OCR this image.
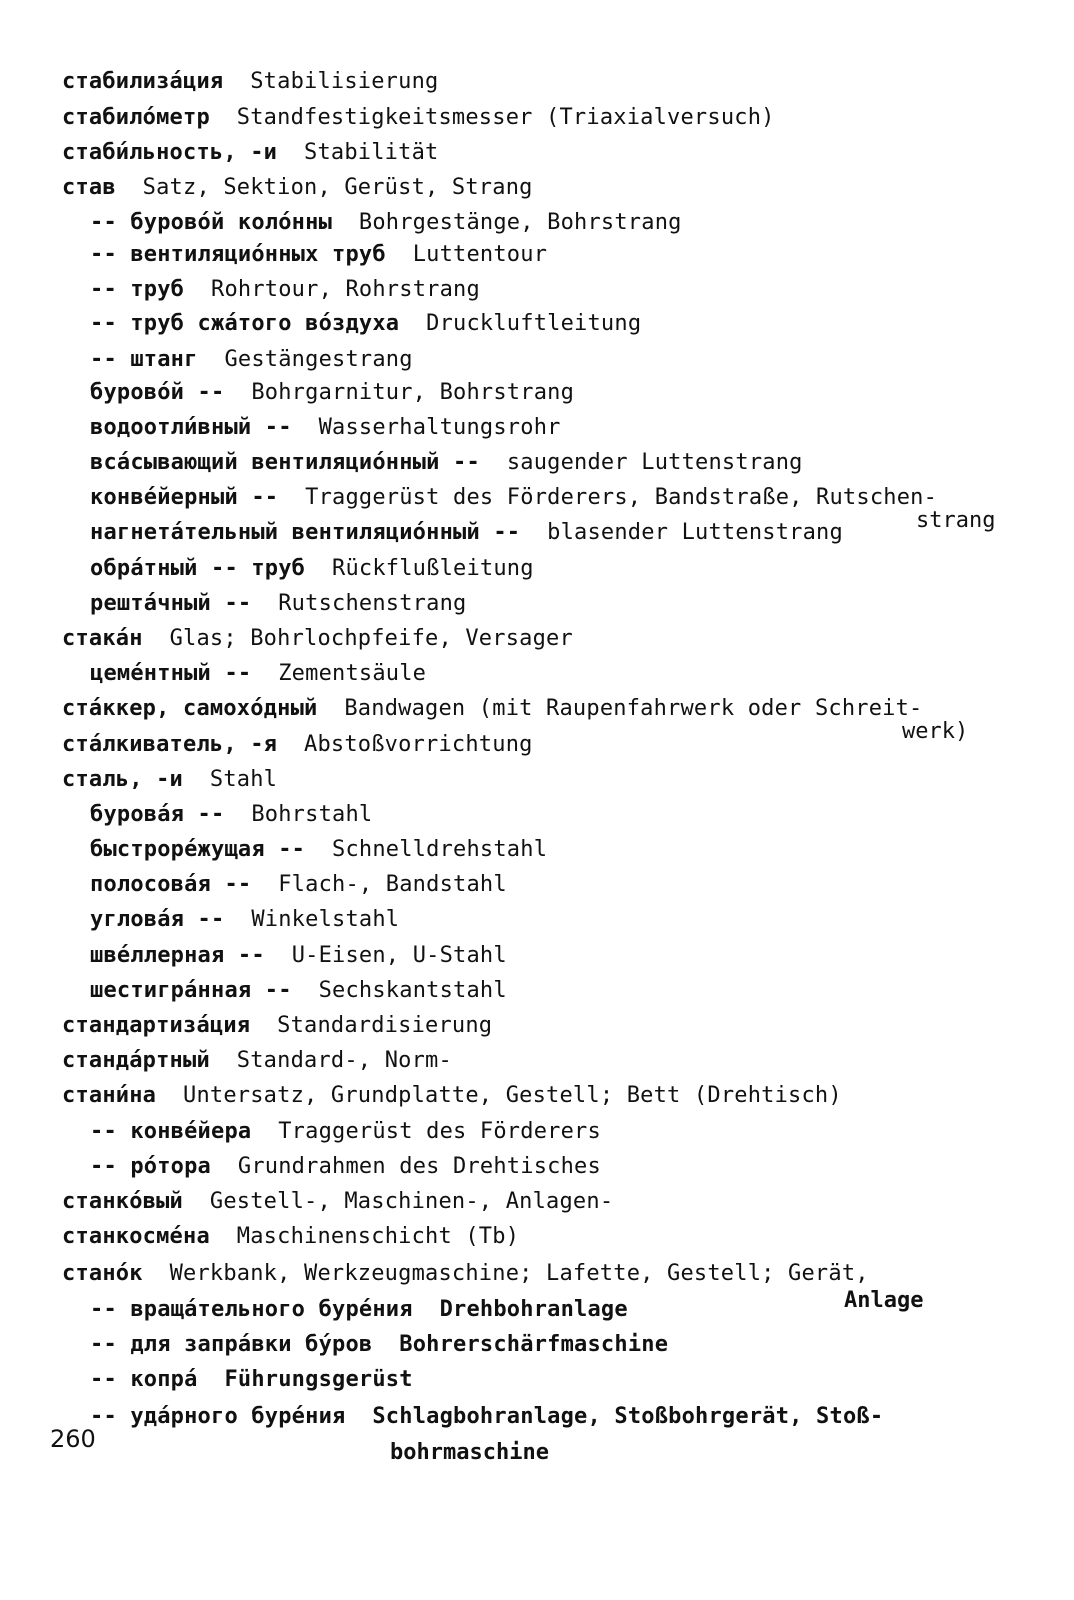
стабилиза́ция Stabilisierung
стабило́метр Standfestigkeitsmesser (Triaxialversuch)
стаби́льность, -и Stabilität
став Satz, Sektion, Gerüst, Strang
-- бурово́й коло́нны Bohrgestänge, Bohrstrang
-- вентиляцио́нных труб Luttentour
-- труб Rohrtour, Rohrstrang
-- труб сжа́того во́здуха Druckluftleitung
-- штанг Gestängestrang
бурово́й -- Bohrgarnitur, Bohrstrang
водоотли́вный -- Wasserhaltungsrohr
вса́сывающий вентиляцио́нный -- saugender Luttenstrang
конве́йерный -- Traggerüst des Förderers, Bandstraße, Rutschen-
strang
нагнета́тельный вентиляцио́нный -- blasender Luttenstrang
обра́тный -- труб Rückflußleitung
решта́чный -- Rutschenstrang
стака́н Glas; Bohrlochpfeife, Versager
цеме́нтный -- Zementsäule
ста́ккер, самохо́дный Bandwagen (mit Raupenfahrwerk oder Schreit-
werk)
ста́лкиватель, -я Abstoßvorrichtung
сталь, -и Stahl
бурова́я -- Bohrstahl
быстроре́жущая -- Schnelldrehstahl
полосова́я -- Flach-, Bandstahl
углова́я -- Winkelstahl
шве́ллерная -- U-Eisen, U-Stahl
шестигра́нная -- Sechskantstahl
стандартиза́ция Standardisierung
станда́ртный Standard-, Norm-
стани́на Untersatz, Grundplatte, Gestell; Bett (Drehtisch)
-- конве́йера Traggerüst des Förderers
-- ро́тора Grundrahmen des Drehtisches
станко́вый Gestell-, Maschinen-, Anlagen-
станкосме́на Maschinenschicht (Tb)
стано́к Werkbank, Werkzeugmaschine; Lafette, Gestell; Gerät,
Anlage
-- враща́тельного буре́ния Drehbohranlage
-- для запра́вки бу́ров Bohrerschärfmaschine
-- копра́ Führungsgerüst
-- уда́рного буре́ния Schlagbohranlage, Stoßbohrgerät, Stoß-
bohrmaschine
260
